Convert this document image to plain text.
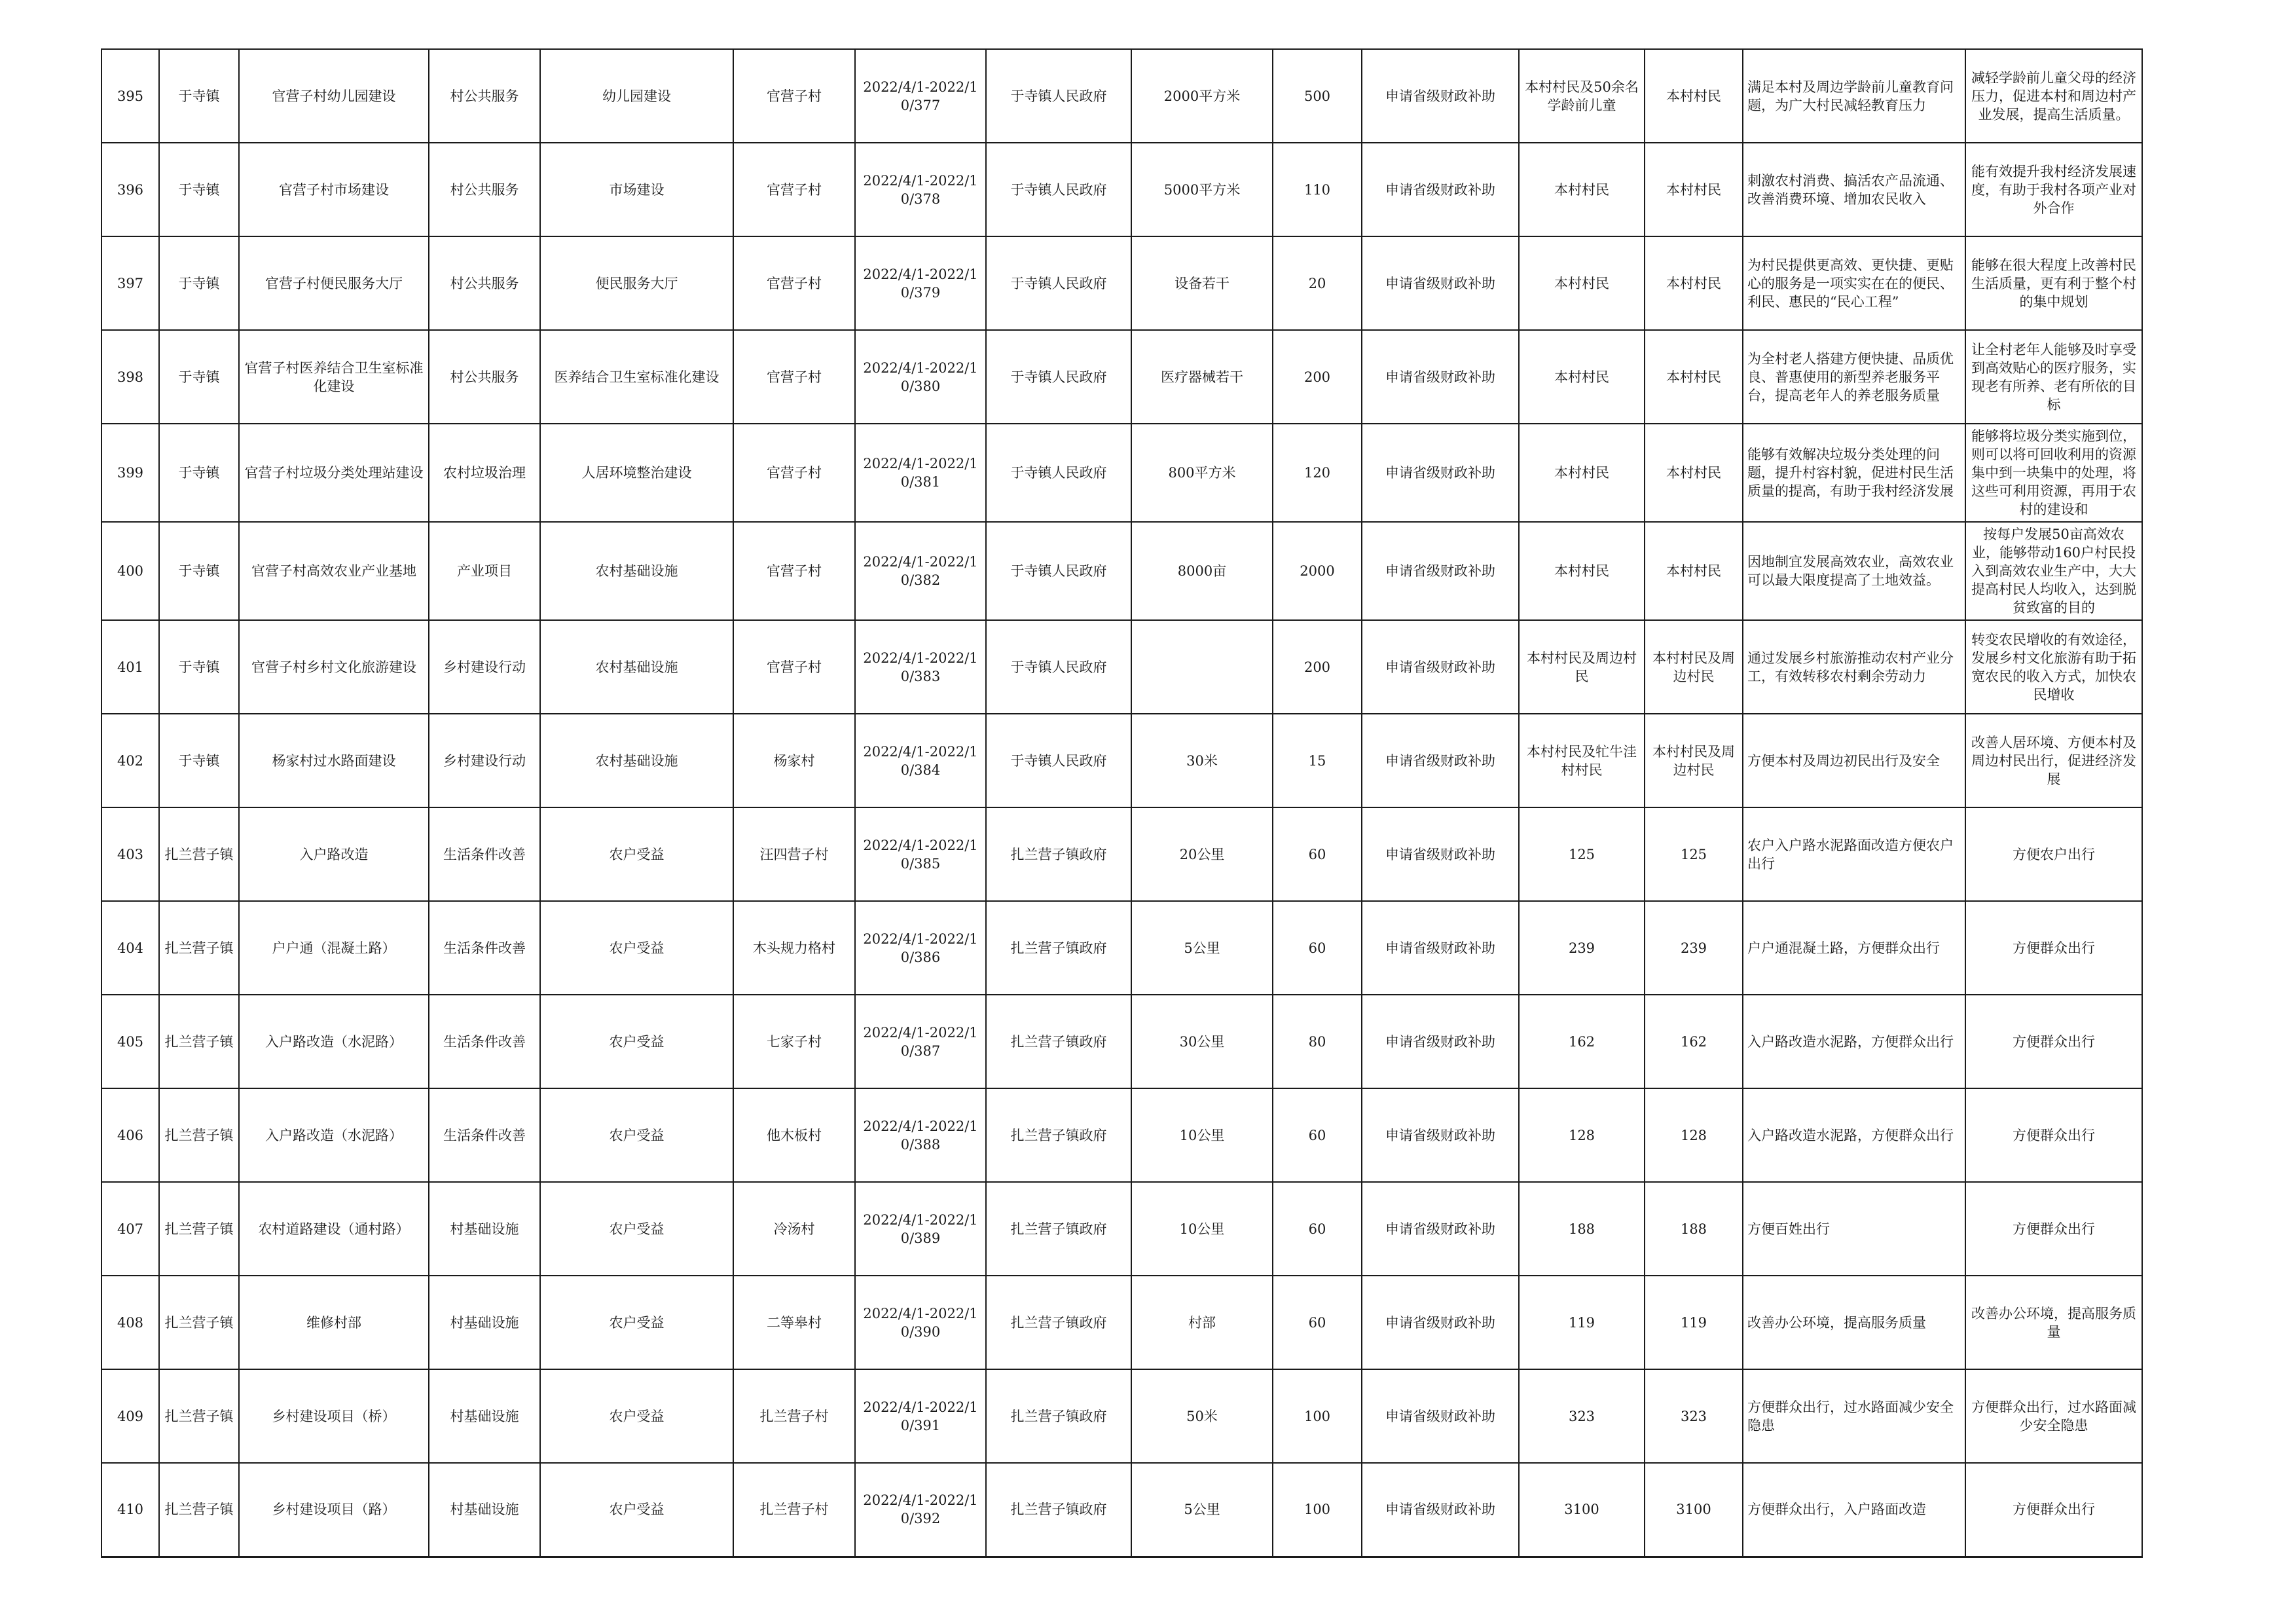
395	于寺镇	官营子村幼儿园建设	村公共服务	幼儿园建设	官营子村	2022/4/1-2022/10/377	于寺镇人民政府	2000平方米	500	申请省级财政补助	本村村民及50余名学龄前儿童	本村村民	满足本村及周边学龄前儿童教育问题，为广大村民减轻教育压力	减轻学龄前儿童父母的经济压力，促进本村和周边村产业发展，提高生活质量。
396	于寺镇	官营子村市场建设	村公共服务	市场建设	官营子村	2022/4/1-2022/10/378	于寺镇人民政府	5000平方米	110	申请省级财政补助	本村村民	本村村民	刺激农村消费、搞活农产品流通、改善消费环境、增加农民收入	能有效提升我村经济发展速度，有助于我村各项产业对外合作
397	于寺镇	官营子村便民服务大厅	村公共服务	便民服务大厅	官营子村	2022/4/1-2022/10/379	于寺镇人民政府	设备若干	20	申请省级财政补助	本村村民	本村村民	为村民提供更高效、更快捷、更贴心的服务是一项实实在在的便民、利民、惠民的“民心工程”	能够在很大程度上改善村民生活质量，更有利于整个村的集中规划
398	于寺镇	官营子村医养结合卫生室标准化建设	村公共服务	医养结合卫生室标准化建设	官营子村	2022/4/1-2022/10/380	于寺镇人民政府	医疗器械若干	200	申请省级财政补助	本村村民	本村村民	为全村老人搭建方便快捷、品质优良、普惠使用的新型养老服务平台，提高老年人的养老服务质量	让全村老年人能够及时享受到高效贴心的医疗服务，实现老有所养、老有所依的目标
399	于寺镇	官营子村垃圾分类处理站建设	农村垃圾治理	人居环境整治建设	官营子村	2022/4/1-2022/10/381	于寺镇人民政府	800平方米	120	申请省级财政补助	本村村民	本村村民	能够有效解决垃圾分类处理的问题，提升村容村貌，促进村民生活质量的提高，有助于我村经济发展	能够将垃圾分类实施到位，则可以将可回收利用的资源集中到一块集中的处理，将这些可利用资源，再用于农村的建设和
400	于寺镇	官营子村高效农业产业基地	产业项目	农村基础设施	官营子村	2022/4/1-2022/10/382	于寺镇人民政府	8000亩	2000	申请省级财政补助	本村村民	本村村民	因地制宜发展高效农业，高效农业可以最大限度提高了土地效益。	按每户发展50亩高效农业，能够带动160户村民投入到高效农业生产中，大大提高村民人均收入，达到脱贫致富的目的
401	于寺镇	官营子村乡村文化旅游建设	乡村建设行动	农村基础设施	官营子村	2022/4/1-2022/10/383	于寺镇人民政府		200	申请省级财政补助	本村村民及周边村民	本村村民及周边村民	通过发展乡村旅游推动农村产业分工，有效转移农村剩余劳动力	转变农民增收的有效途径，发展乡村文化旅游有助于拓宽农民的收入方式，加快农民增收
402	于寺镇	杨家村过水路面建设	乡村建设行动	农村基础设施	杨家村	2022/4/1-2022/10/384	于寺镇人民政府	30米	15	申请省级财政补助	本村村民及牤牛洼村村民	本村村民及周边村民	方便本村及周边初民出行及安全	改善人居环境、方便本村及周边村民出行，促进经济发展
403	扎兰营子镇	入户路改造	生活条件改善	农户受益	汪四营子村	2022/4/1-2022/10/385	扎兰营子镇政府	20公里	60	申请省级财政补助	125	125	农户入户路水泥路面改造方便农户出行	方便农户出行
404	扎兰营子镇	户户通（混凝土路）	生活条件改善	农户受益	木头规力格村	2022/4/1-2022/10/386	扎兰营子镇政府	5公里	60	申请省级财政补助	239	239	户户通混凝土路，方便群众出行	方便群众出行
405	扎兰营子镇	入户路改造（水泥路）	生活条件改善	农户受益	七家子村	2022/4/1-2022/10/387	扎兰营子镇政府	30公里	80	申请省级财政补助	162	162	入户路改造水泥路，方便群众出行	方便群众出行
406	扎兰营子镇	入户路改造（水泥路）	生活条件改善	农户受益	他木板村	2022/4/1-2022/10/388	扎兰营子镇政府	10公里	60	申请省级财政补助	128	128	入户路改造水泥路，方便群众出行	方便群众出行
407	扎兰营子镇	农村道路建设（通村路）	村基础设施	农户受益	冷汤村	2022/4/1-2022/10/389	扎兰营子镇政府	10公里	60	申请省级财政补助	188	188	方便百姓出行	方便群众出行
408	扎兰营子镇	维修村部	村基础设施	农户受益	二等皋村	2022/4/1-2022/10/390	扎兰营子镇政府	村部	60	申请省级财政补助	119	119	改善办公环境，提高服务质量	改善办公环境，提高服务质量
409	扎兰营子镇	乡村建设项目（桥）	村基础设施	农户受益	扎兰营子村	2022/4/1-2022/10/391	扎兰营子镇政府	50米	100	申请省级财政补助	323	323	方便群众出行，过水路面减少安全隐患	方便群众出行，过水路面减少安全隐患
410	扎兰营子镇	乡村建设项目（路）	村基础设施	农户受益	扎兰营子村	2022/4/1-2022/10/392	扎兰营子镇政府	5公里	100	申请省级财政补助	3100	3100	方便群众出行，入户路面改造	方便群众出行
